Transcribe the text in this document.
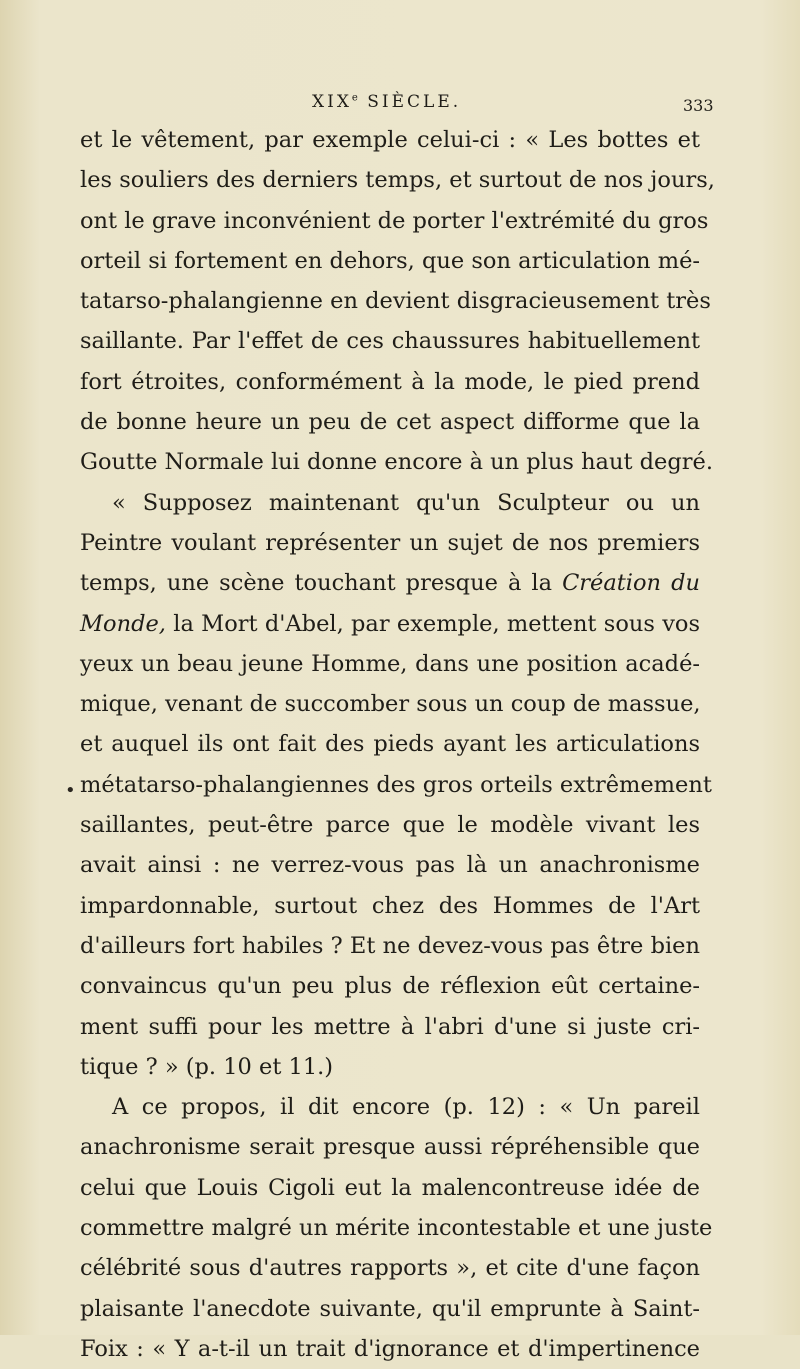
XIXe SIÈCLE.	333
•
et le vêtement, par exemple celui-ci : « Les bottes et
les souliers des derniers temps, et surtout de nos jours,
ont le grave inconvénient de porter l'extrémité du gros
orteil si fortement en dehors, que son articulation mé-
tatarso-phalangienne en devient disgracieusement très
saillante. Par l'effet de ces chaussures habituellement
fort étroites, conformément à la mode, le pied prend
de bonne heure un peu de cet aspect difforme que la
Goutte Normale lui donne encore à un plus haut degré.
« Supposez maintenant qu'un Sculpteur ou un
Peintre voulant représenter un sujet de nos premiers
temps, une scène touchant presque à la Création du
Monde, la Mort d'Abel, par exemple, mettent sous vos
yeux un beau jeune Homme, dans une position acadé-
mique, venant de succomber sous un coup de massue,
et auquel ils ont fait des pieds ayant les articulations
métatarso-phalangiennes des gros orteils extrêmement
saillantes, peut-être parce que le modèle vivant les
avait ainsi : ne verrez-vous pas là un anachronisme
impardonnable, surtout chez des Hommes de l'Art
d'ailleurs fort habiles ? Et ne devez-vous pas être bien
convaincus qu'un peu plus de réflexion eût certaine-
ment suffi pour les mettre à l'abri d'une si juste cri-
tique ? » (p. 10 et 11.)
A ce propos, il dit encore (p. 12) : « Un pareil
anachronisme serait presque aussi répréhensible que
celui que Louis Cigoli eut la malencontreuse idée de
commettre malgré un mérite incontestable et une juste
célébrité sous d'autres rapports », et cite d'une façon
plaisante l'anecdote suivante, qu'il emprunte à Saint-
Foix : « Y a-t-il un trait d'ignorance et d'impertinence
